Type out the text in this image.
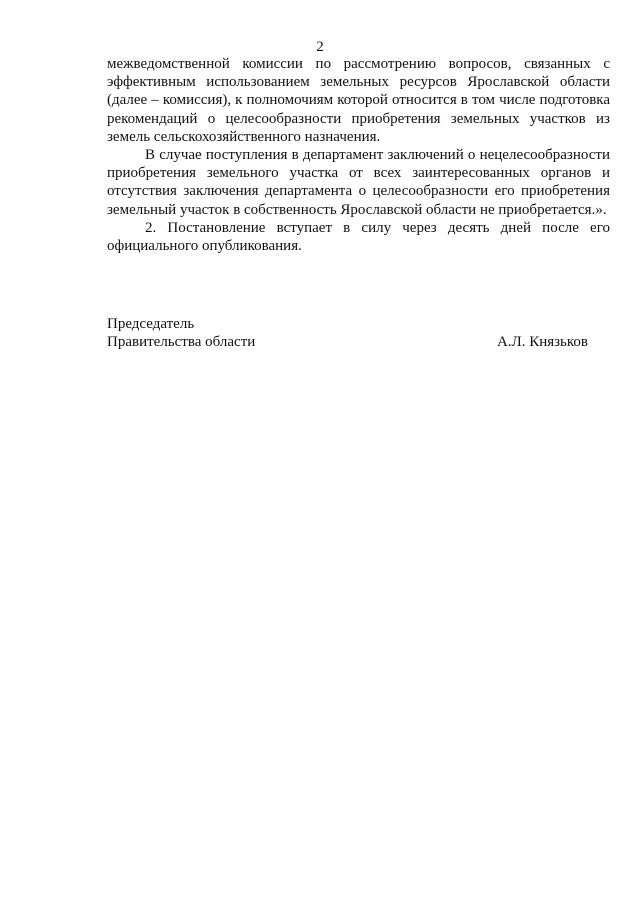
2

межведомственной комиссии по рассмотрению вопросов, связанных с эффективным использованием земельных ресурсов Ярославской области (далее – комиссия), к полномочиям которой относится в том числе подготовка рекомендаций о целесообразности приобретения земельных участков из земель сельскохозяйственного назначения.

В случае поступления в департамент заключений о нецелесообразности приобретения земельного участка от всех заинтересованных органов и отсутствия заключения департамента о целесообразности его приобретения земельный участок в собственность Ярославской области не приобретается.».

2. Постановление вступает в силу через десять дней после его официального опубликования.

Председатель
Правительства области	А.Л. Князьков
